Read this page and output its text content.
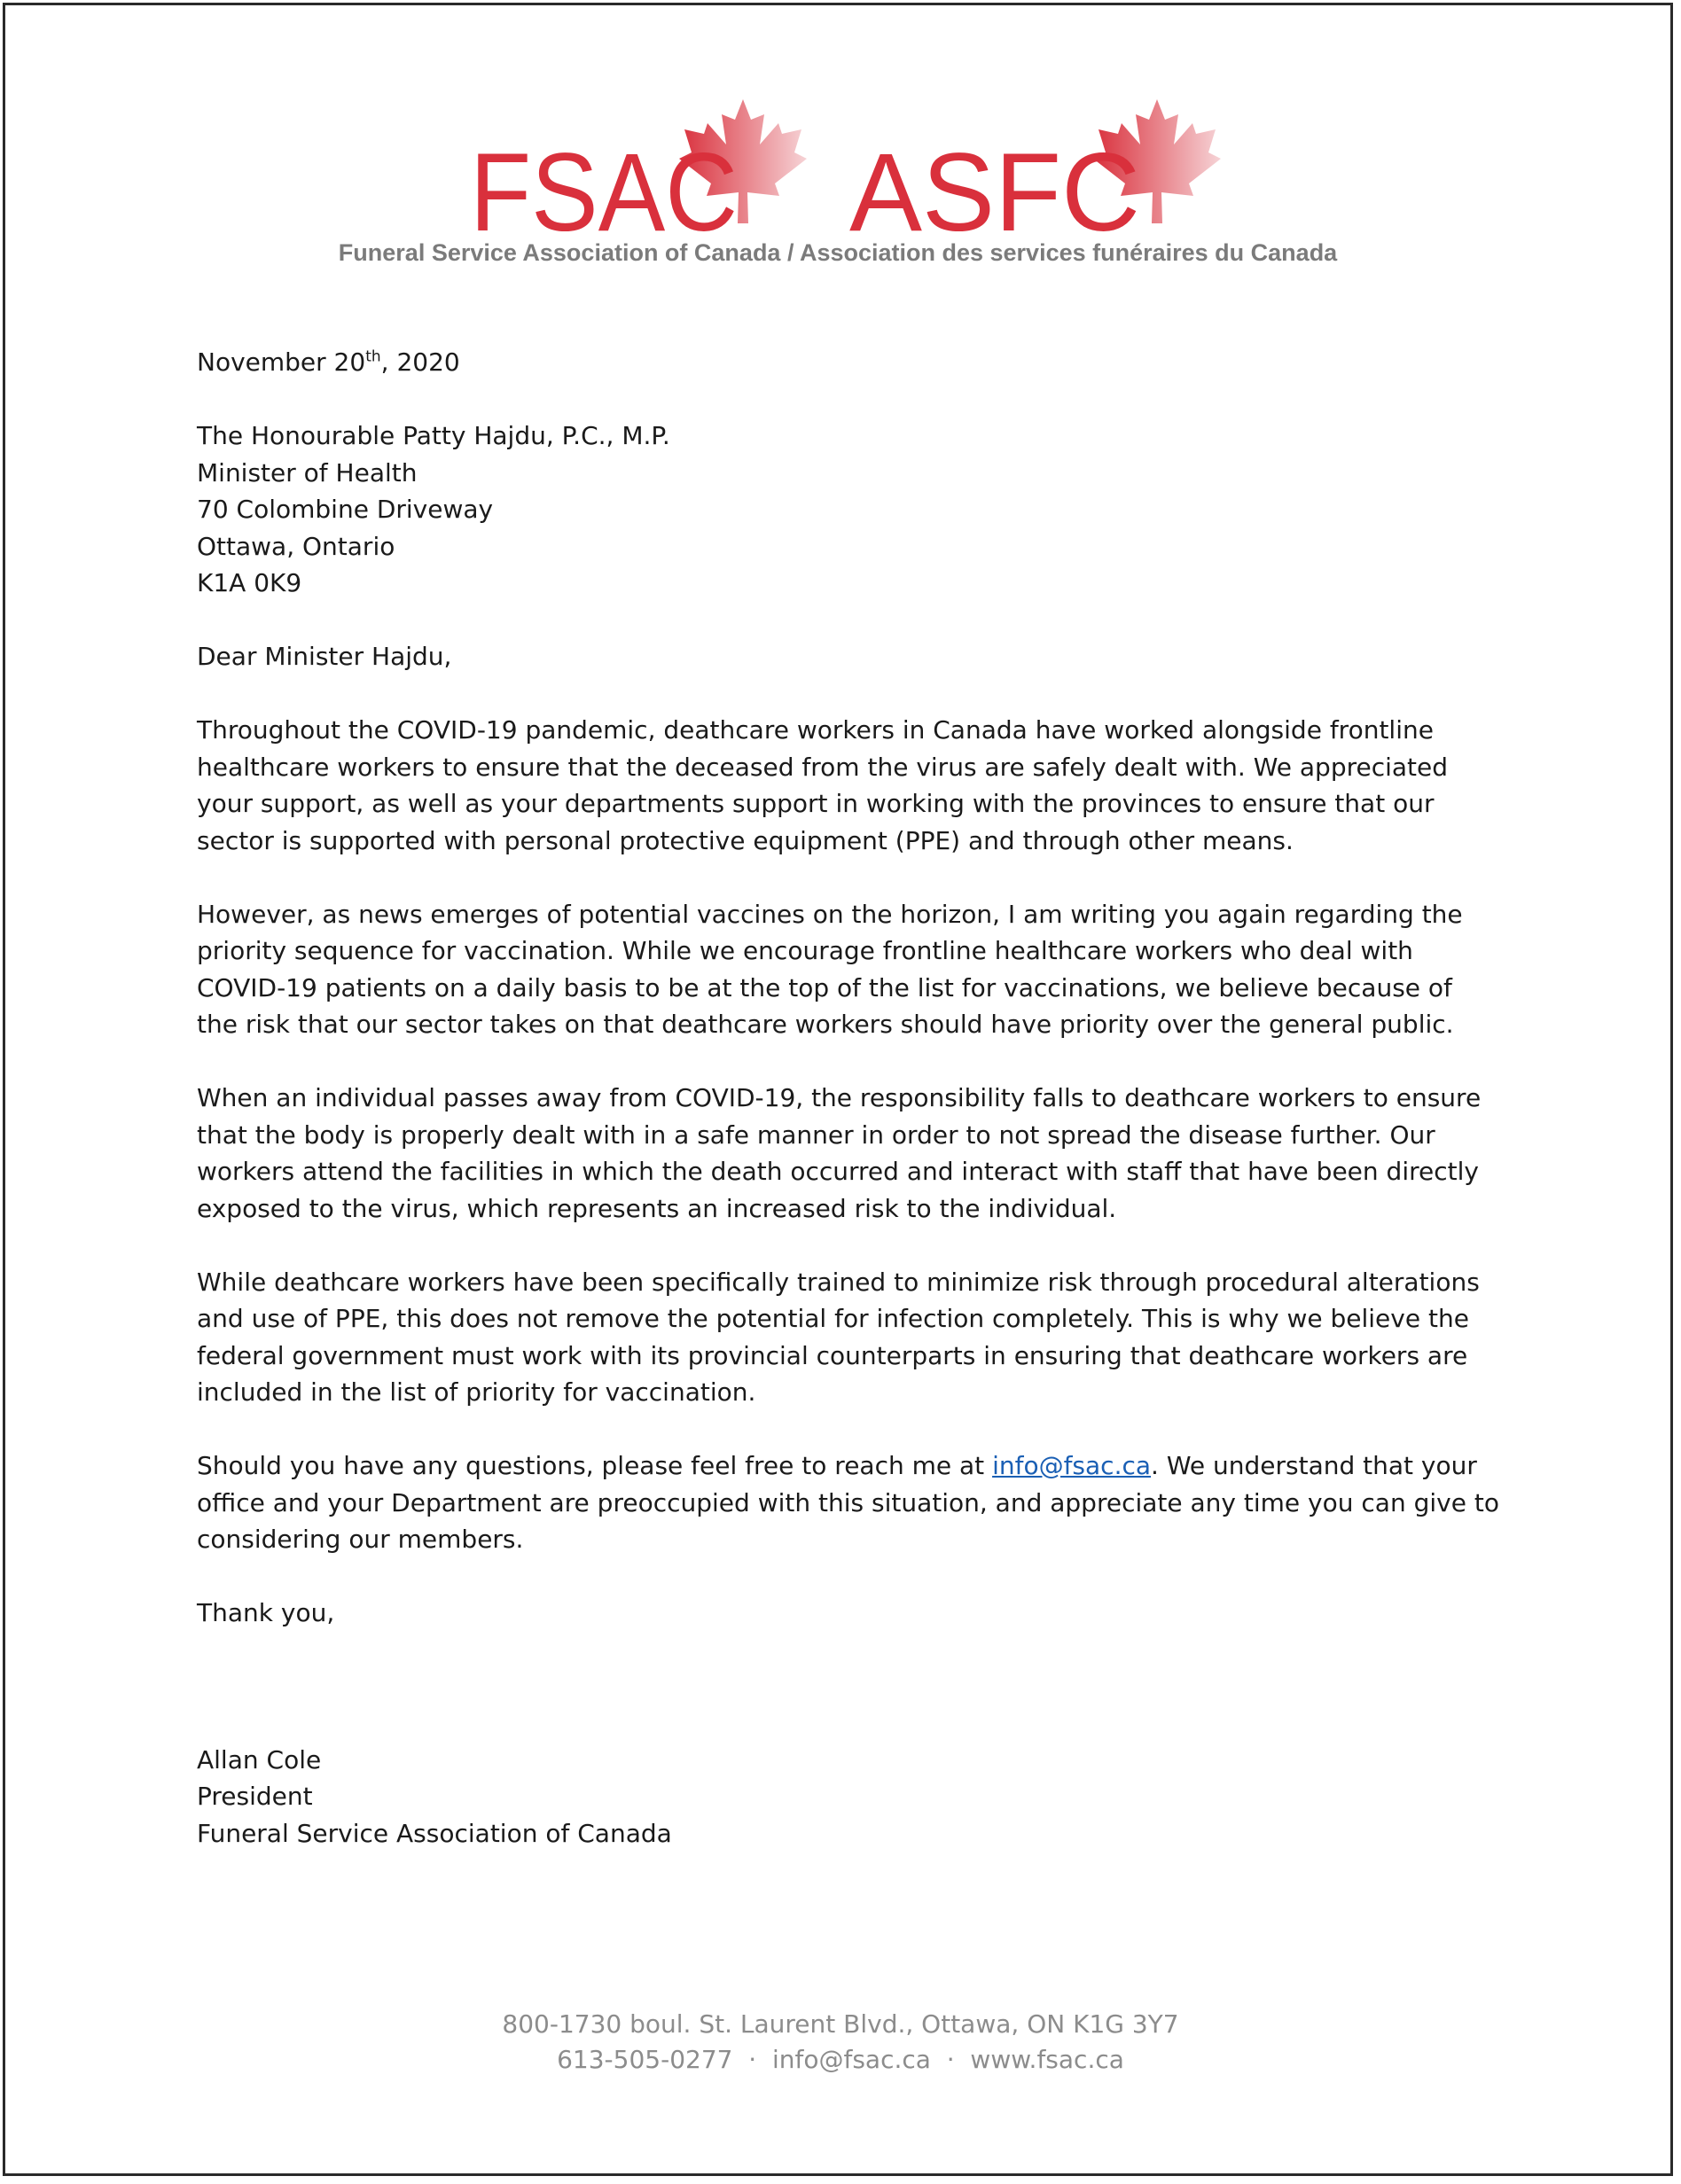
FSAC ASFC
Funeral Service Association of Canada / Association des services funéraires du Canada
November 20th, 2020
The Honourable Patty Hajdu, P.C., M.P.
Minister of Health
70 Colombine Driveway
Ottawa, Ontario
K1A 0K9
Dear Minister Hajdu,
Throughout the COVID-19 pandemic, deathcare workers in Canada have worked alongside frontline healthcare workers to ensure that the deceased from the virus are safely dealt with. We appreciated your support, as well as your departments support in working with the provinces to ensure that our sector is supported with personal protective equipment (PPE) and through other means.
However, as news emerges of potential vaccines on the horizon, I am writing you again regarding the priority sequence for vaccination. While we encourage frontline healthcare workers who deal with COVID-19 patients on a daily basis to be at the top of the list for vaccinations, we believe because of the risk that our sector takes on that deathcare workers should have priority over the general public.
When an individual passes away from COVID-19, the responsibility falls to deathcare workers to ensure that the body is properly dealt with in a safe manner in order to not spread the disease further. Our workers attend the facilities in which the death occurred and interact with staff that have been directly exposed to the virus, which represents an increased risk to the individual.
While deathcare workers have been specifically trained to minimize risk through procedural alterations and use of PPE, this does not remove the potential for infection completely. This is why we believe the federal government must work with its provincial counterparts in ensuring that deathcare workers are included in the list of priority for vaccination.
Should you have any questions, please feel free to reach me at info@fsac.ca. We understand that your office and your Department are preoccupied with this situation, and appreciate any time you can give to considering our members.
Thank you,
Allan Cole
President
Funeral Service Association of Canada
800-1730 boul. St. Laurent Blvd., Ottawa, ON K1G 3Y7
613-505-0277  ·  info@fsac.ca  ·  www.fsac.ca
